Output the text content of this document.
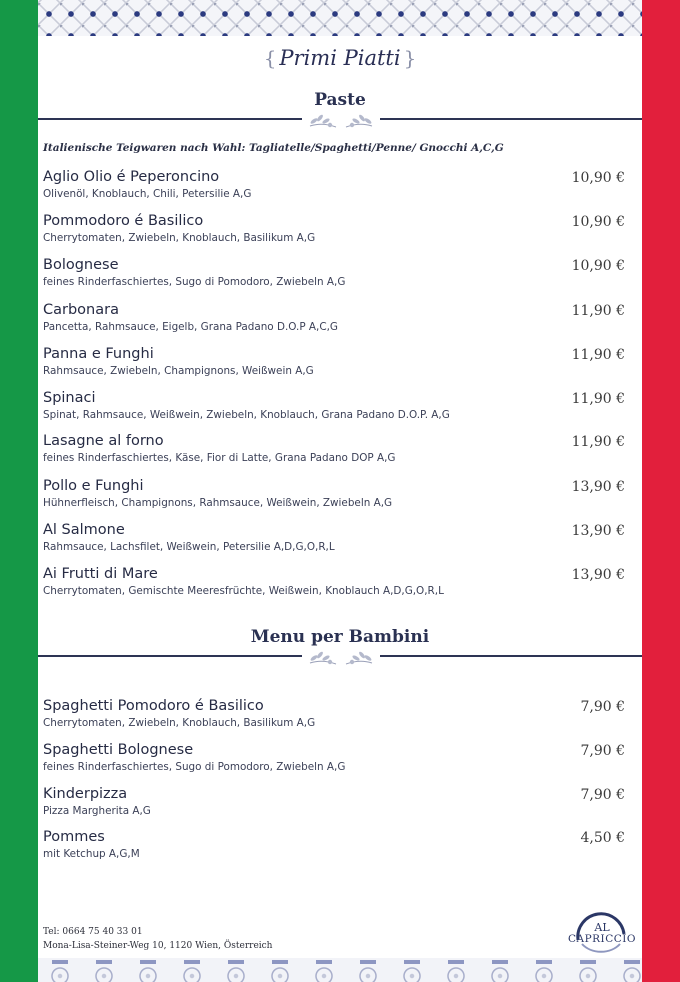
{ Primi Piatti }
Paste
Italienische Teigwaren nach Wahl: Tagliatelle/Spaghetti/Penne/ Gnocchi A,C,G
Aglio Olio é Peperoncino
Olivenöl, Knoblauch, Chili, Petersilie A,G
10,90 €
Pommodoro é Basilico
Cherrytomaten, Zwiebeln, Knoblauch, Basilikum A,G
10,90 €
Bolognese
feines Rinderfaschiertes, Sugo di Pomodoro, Zwiebeln A,G
10,90 €
Carbonara
Pancetta, Rahmsauce, Eigelb, Grana Padano D.O.P A,C,G
11,90 €
Panna e Funghi
Rahmsauce, Zwiebeln, Champignons, Weißwein A,G
11,90 €
Spinaci
Spinat, Rahmsauce, Weißwein, Zwiebeln, Knoblauch, Grana Padano D.O.P. A,G
11,90 €
Lasagne al forno
feines Rinderfaschiertes, Käse, Fior di Latte, Grana Padano DOP A,G
11,90 €
Pollo e Funghi
Hühnerfleisch, Champignons, Rahmsauce, Weißwein, Zwiebeln A,G
13,90 €
Al Salmone
Rahmsauce, Lachsfilet, Weißwein, Petersilie A,D,G,O,R,L
13,90 €
Ai Frutti di Mare
Cherrytomaten, Gemischte Meeresfrüchte, Weißwein, Knoblauch A,D,G,O,R,L
13,90 €
Menu per Bambini
Spaghetti Pomodoro é Basilico
Cherrytomaten, Zwiebeln, Knoblauch, Basilikum A,G
7,90 €
Spaghetti Bolognese
feines Rinderfaschiertes, Sugo di Pomodoro, Zwiebeln A,G
7,90 €
Kinderpizza
Pizza Margherita A,G
7,90 €
Pommes
mit Ketchup A,G,M
4,50 €
Tel: 0664 75 40 33 01
Mona-Lisa-Steiner-Weg 10, 1120 Wien, Österreich
AL
CAPRICCIO
